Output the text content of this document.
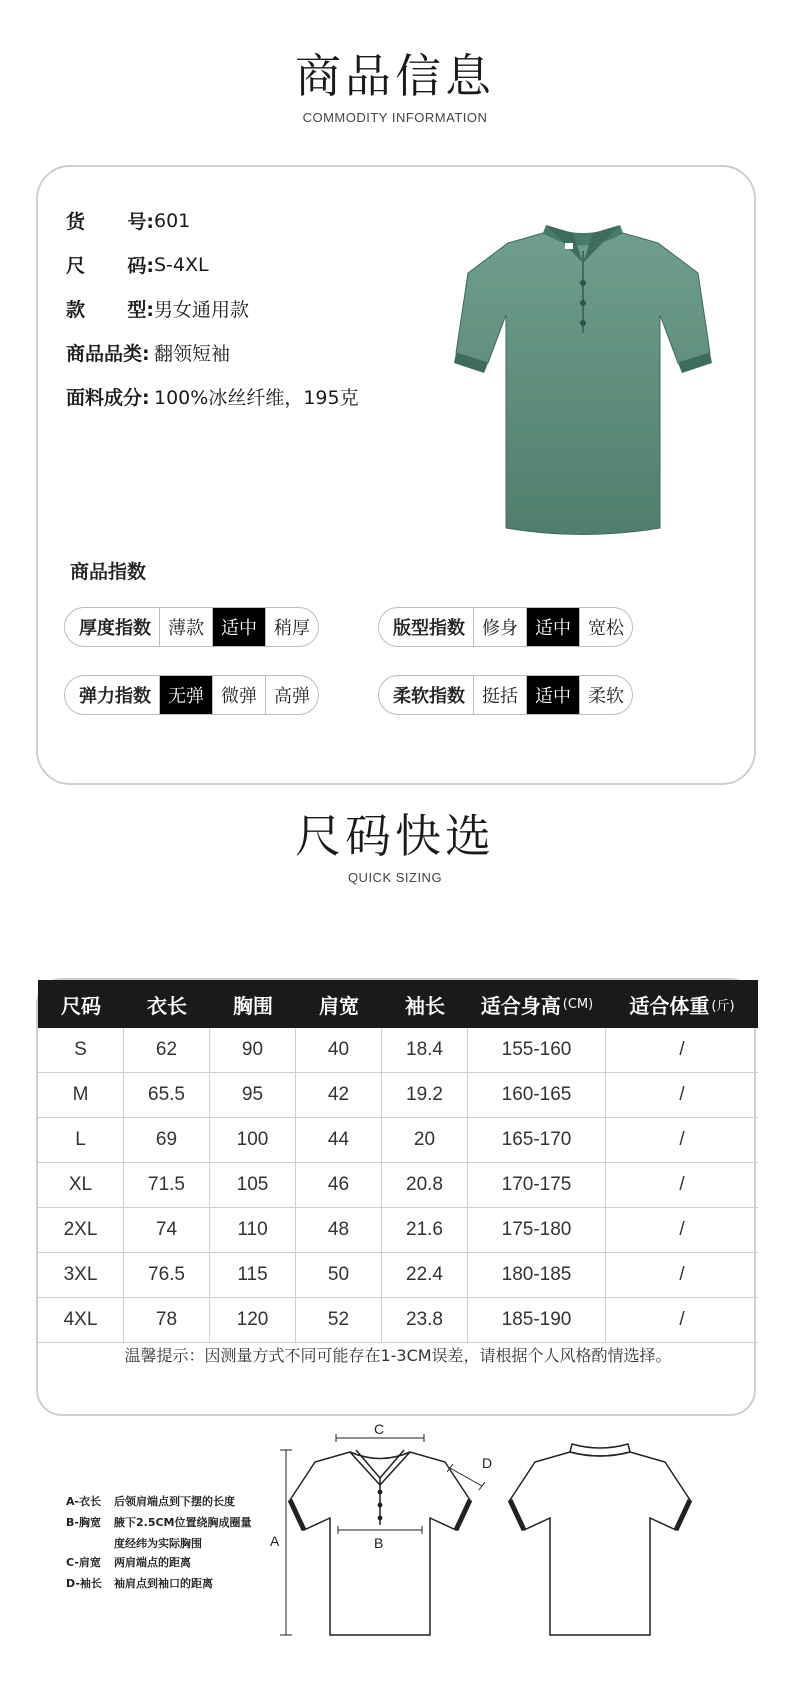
商品信息
COMMODITY INFORMATION
货 号: 601
尺 码: S-4XL
款 型: 男女通用款
商品品类: 翻领短袖
面料成分: 100%冰丝纤维，195克
商品指数
厚度指数 薄款 适中 稍厚	版型指数 修身 适中 宽松
弹力指数 无弹 微弹 高弹	柔软指数 挺括 适中 柔软
尺码快选
QUICK SIZING
尺码 衣长 胸围 肩宽 袖长 适合身高 (CM) 适合体重 (斤)
S	62	90	40	18.4	155-160	/
M	65.5	95	42	19.2	160-165	/
L	69	100	44	20	165-170	/
XL	71.5	105	46	20.8	170-175	/
2XL	74	110	48	21.6	175-180	/
3XL	76.5	115	50	22.4	180-185	/
4XL	78	120	52	23.8	185-190	/
温馨提示：因测量方式不同可能存在1-3CM误差，请根据个人风格酌情选择。
A-衣长 后领肩端点到下摆的长度
B-胸宽 腋下2.5CM位置绕胸成圈量
度经纬为实际胸围
C-肩宽 两肩端点的距离
D-袖长 袖肩点到袖口的距离
A	B
C
D
